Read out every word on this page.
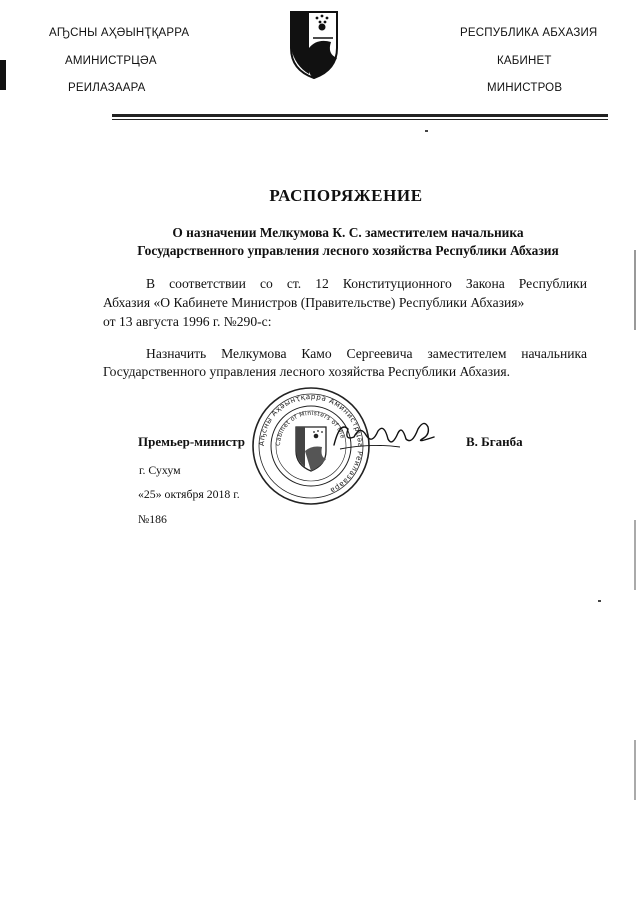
АҦСНЫ АҲӘЫНҬҚАРРА
АМИНИСТРЦӘА
РЕИЛАЗААРА
РЕСПУБЛИКА АБХАЗИЯ
КАБИНЕТ
МИНИСТРОВ
РАСПОРЯЖЕНИЕ
О назначении Мелкумова К. С. заместителем начальника
Государственного управления лесного хозяйства Республики Абхазия
В соответствии со ст. 12 Конституционного Закона Республики
Абхазия «О Кабинете Министров (Правительстве) Республики Абхазия»
от 13 августа 1996 г. №290-с:
Назначить Мелкумова Камо Сергеевича заместителем начальника
Государственного управления лесного хозяйства Республики Абхазия.
Аҧсны Аҳәынҭқарра Аминистрцәа Реилазаара
Cabinet of Ministers of the
Премьер-министр	В. Бганба
г. Сухум
«25» октября 2018 г.
№186
